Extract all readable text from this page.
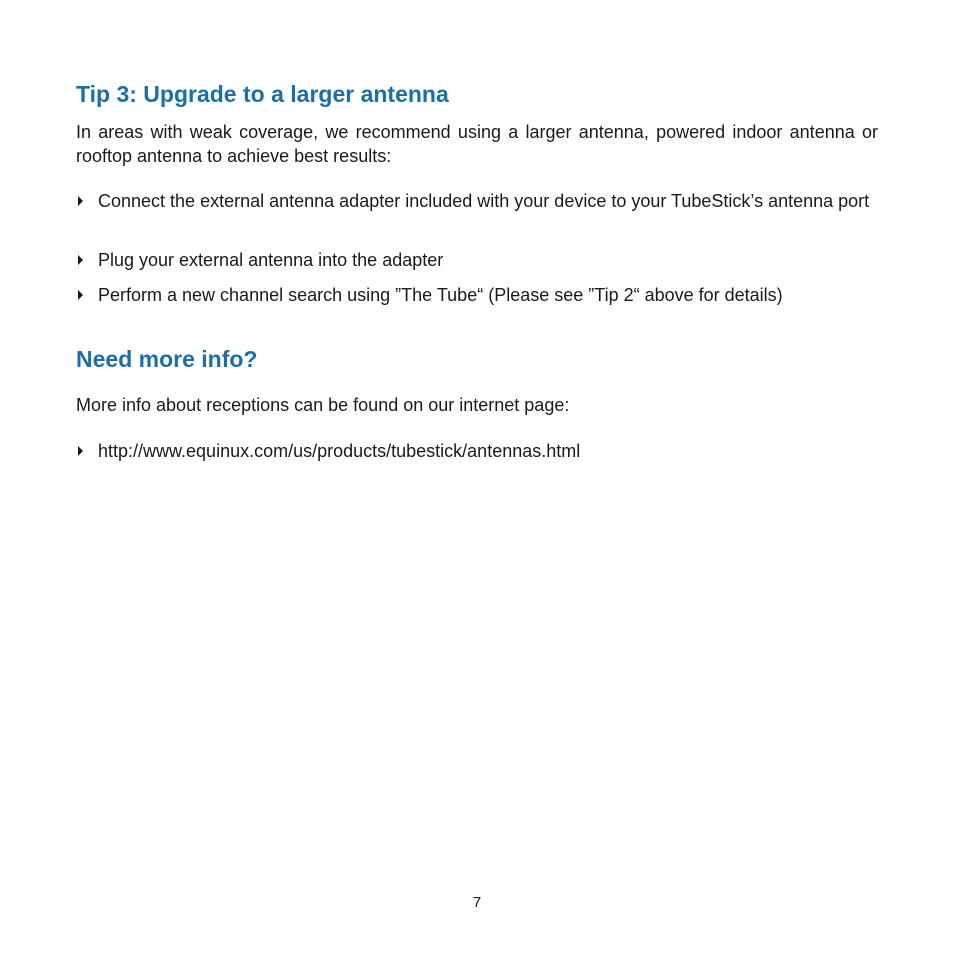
Tip 3: Upgrade to a larger antenna

In areas with weak coverage, we recommend using a larger antenna, powered indoor antenna or rooftop antenna to achieve best results:

Connect the external antenna adapter included with your device to your TubeStick’s antenna port
Plug your external antenna into the adapter
Perform a new channel search using ”The Tube“ (Please see ”Tip 2“ above for details)
Need more info?

More info about receptions can be found on our internet page:

http://www.equinux.com/us/products/tubestick/antennas.html
7
